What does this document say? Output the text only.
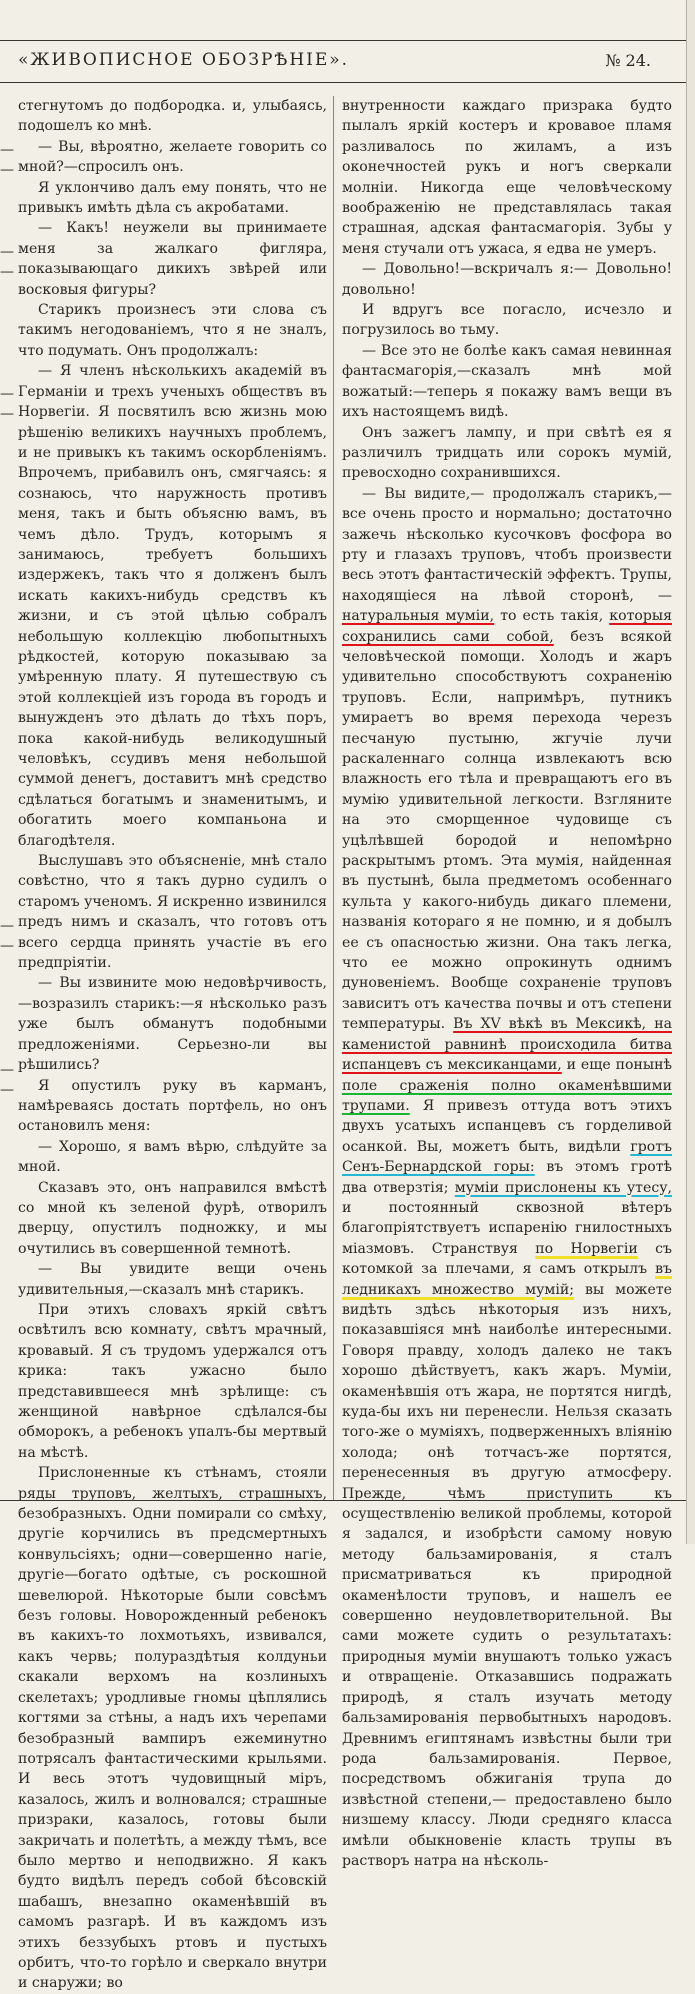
«ЖИВОПИСНОЕ ОБОЗРѢНІЕ».	№ 24.
—
—
—
—
—
—
—
—
—
—

стегнутомъ до подбородка. и, улыбаясь, подошелъ ко мнѣ.

— Вы, вѣроятно, желаете говорить со мной?—спросилъ онъ.

Я уклончиво далъ ему понять, что не привыкъ имѣть дѣла съ акробатами.

— Какъ! неужели вы принимаете меня за жалкаго фигляра, показывающаго дикихъ звѣрей или восковыя фигуры?

Старикъ произнесъ эти слова съ такимъ негодованіемъ, что я не зналъ, что подумать. Онъ продолжалъ:

— Я членъ нѣсколькихъ академій въ Германіи и трехъ ученыхъ обществъ въ Норвегіи. Я посвятилъ всю жизнь мою рѣшенію великихъ научныхъ проблемъ, и не привыкъ къ такимъ оскорбленіямъ. Впрочемъ, прибавилъ онъ, смягчаясь: я сознаюсь, что наружность противъ меня, такъ и быть объясню вамъ, въ чемъ дѣло. Трудъ, которымъ я занимаюсь, требуетъ большихъ издержекъ, такъ что я долженъ былъ искать какихъ-нибудь средствъ къ жизни, и съ этой цѣлью собралъ небольшую коллекцію любопытныхъ рѣдкостей, которую показываю за умѣренную плату. Я путешествую съ этой коллекціей изъ города въ городъ и вынужденъ это дѣлать до тѣхъ поръ, пока какой-нибудь великодушный человѣкъ, ссудивъ меня небольшой суммой денегъ, доставитъ мнѣ средство сдѣлаться богатымъ и знаменитымъ, и обогатить моего компаньона и благодѣтеля.

Выслушавъ это объясненіе, мнѣ стало совѣстно, что я такъ дурно судилъ о старомъ ученомъ. Я искренно извинился предъ нимъ и сказалъ, что готовъ отъ всего сердца принять участіе въ его предпріятіи.

— Вы извините мою недовѣрчивость,—возразилъ старикъ:—я нѣсколько разъ уже былъ обманутъ подобными предложеніями. Серьезно-ли вы рѣшились?

Я опустилъ руку въ карманъ, намѣреваясь достать портфель, но онъ остановилъ меня:

— Хорошо, я вамъ вѣрю, слѣдуйте за мной.

Сказавъ это, онъ направился вмѣстѣ со мной къ зеленой фурѣ, отворилъ дверцу, опустилъ подножку, и мы очутились въ совершенной темнотѣ.

— Вы увидите вещи очень удивительныя,—сказалъ мнѣ старикъ.

При этихъ словахъ яркій свѣтъ освѣтилъ всю комнату, свѣтъ мрачный, кровавый. Я съ трудомъ удержался отъ крика: такъ ужасно было представившееся мнѣ зрѣлище: съ женщиной навѣрное сдѣлался-бы обморокъ, а ребенокъ упалъ-бы мертвый на мѣстѣ.

Прислоненные къ стѣнамъ, стояли ряды труповъ, желтыхъ, страшныхъ, безобразныхъ. Одни помирали со смѣху, другіе корчились въ предсмертныхъ конвульсіяхъ; одни—совершенно нагіе, другіе—богато одѣтые, съ роскошной шевелюрой. Нѣкоторые были совсѣмъ безъ головы. Новорожденный ребенокъ въ какихъ-то лохмотьяхъ, извивался, какъ червь; полураздѣтыя колдуньи скакали верхомъ на козлиныхъ скелетахъ; уродливые гномы цѣплялись когтями за стѣны, а надъ ихъ черепами безобразный вампиръ ежеминутно потрясалъ фантастическими крыльями. И весь этотъ чудовищный міръ, казалось, жилъ и волновался; страшные призраки, казалось, готовы были закричать и полетѣть, а между тѣмъ, все было мертво и неподвижно. Я какъ будто видѣлъ передъ собой бѣсовскій шабашъ, внезапно окаменѣвшій въ самомъ разгарѣ. И въ каждомъ изъ этихъ беззубыхъ ртовъ и пустыхъ орбитъ, что-то горѣло и сверкало внутри и снаружи; во

внутренности каждаго призрака будто пылалъ яркій костеръ и кровавое пламя разливалось по жиламъ, а изъ оконечностей рукъ и ногъ сверкали молніи. Никогда еще человѣческому воображенію не представлялась такая страшная, адская фантасмагорія. Зубы у меня стучали отъ ужаса, я едва не умеръ.

— Довольно!—вскричалъ я:— Довольно! довольно!

И вдругъ все погасло, исчезло и погрузилось во тьму.

— Все это не болѣе какъ самая невинная фантасмагорія,—сказалъ мнѣ мой вожатый:—теперь я покажу вамъ вещи въ ихъ настоящемъ видѣ.

Онъ зажегъ лампу, и при свѣтѣ ея я различилъ тридцать или сорокъ мумій, превосходно сохранившихся.

— Вы видите,— продолжалъ старикъ,— все очень просто и нормально; достаточно зажечь нѣсколько кусочковъ фосфора во рту и глазахъ труповъ, чтобъ произвести весь этотъ фантастическій эффектъ. Трупы, находящіеся на лѣвой сторонѣ, — натуральныя муміи, то есть такія, которыя сохранились сами собой, безъ всякой человѣческой помощи. Холодъ и жаръ удивительно способствуютъ сохраненію труповъ. Если, напримѣръ, путникъ умираетъ во время перехода черезъ песчаную пустыню, жгучіе лучи раскаленнаго солнца извлекаютъ всю влажность его тѣла и превращаютъ его въ мумію удивительной легкости. Взгляните на это сморщенное чудовище съ уцѣлѣвшей бородой и непомѣрно раскрытымъ ртомъ. Эта мумія, найденная въ пустынѣ, была предметомъ особеннаго культа у какого-нибудь дикаго племени, названія котораго я не помню, и я добылъ ее съ опасностью жизни. Она такъ легка, что ее можно опрокинуть однимъ дуновеніемъ. Вообще сохраненіе труповъ зависитъ отъ качества почвы и отъ степени температуры. Въ XV вѣкѣ въ Мексикѣ, на каменистой равнинѣ происходила битва испанцевъ съ мексиканцами, и еще понынѣ поле сраженія полно окаменѣвшими трупами. Я привезъ оттуда вотъ этихъ двухъ усатыхъ испанцевъ съ горделивой осанкой. Вы, можетъ быть, видѣли гротъ Сенъ-Бернардской горы: въ этомъ гротѣ два отверзтія; муміи прислонены къ утесу, и постоянный сквозной вѣтеръ благопріятствуетъ испаренію гнилостныхъ міазмовъ. Странствуя по Норвегіи съ котомкой за плечами, я самъ открылъ въ ледникахъ множество мумій; вы можете видѣть здѣсь нѣкоторыя изъ нихъ, показавшіяся мнѣ наиболѣе интересными. Говоря правду, холодъ далеко не такъ хорошо дѣйствуетъ, какъ жаръ. Муміи, окаменѣвшія отъ жара, не портятся нигдѣ, куда-бы ихъ ни перенесли. Нельзя сказать того-же о муміяхъ, подверженныхъ вліянію холода; онѣ тотчасъ-же портятся, перенесенныя въ другую атмосферу. Прежде, чѣмъ приступить къ осуществленію великой проблемы, которой я задался, и изобрѣсти самому новую методу бальзамированія, я сталъ присматриваться къ природной окаменѣлости труповъ, и нашелъ ее совершенно неудовлетворительной. Вы сами можете судить о результатахъ: природныя муміи внушаютъ только ужасъ и отвращеніе. Отказавшись подражать природѣ, я сталъ изучать методу бальзамированія первобытныхъ народовъ. Древнимъ египтянамъ извѣстны были три рода бальзамированія. Первое, посредствомъ обжиганія трупа до извѣстной степени,— предоставлено было низшему классу. Люди средняго класса имѣли обыкновеніе класть трупы въ растворъ натра на нѣсколь-
